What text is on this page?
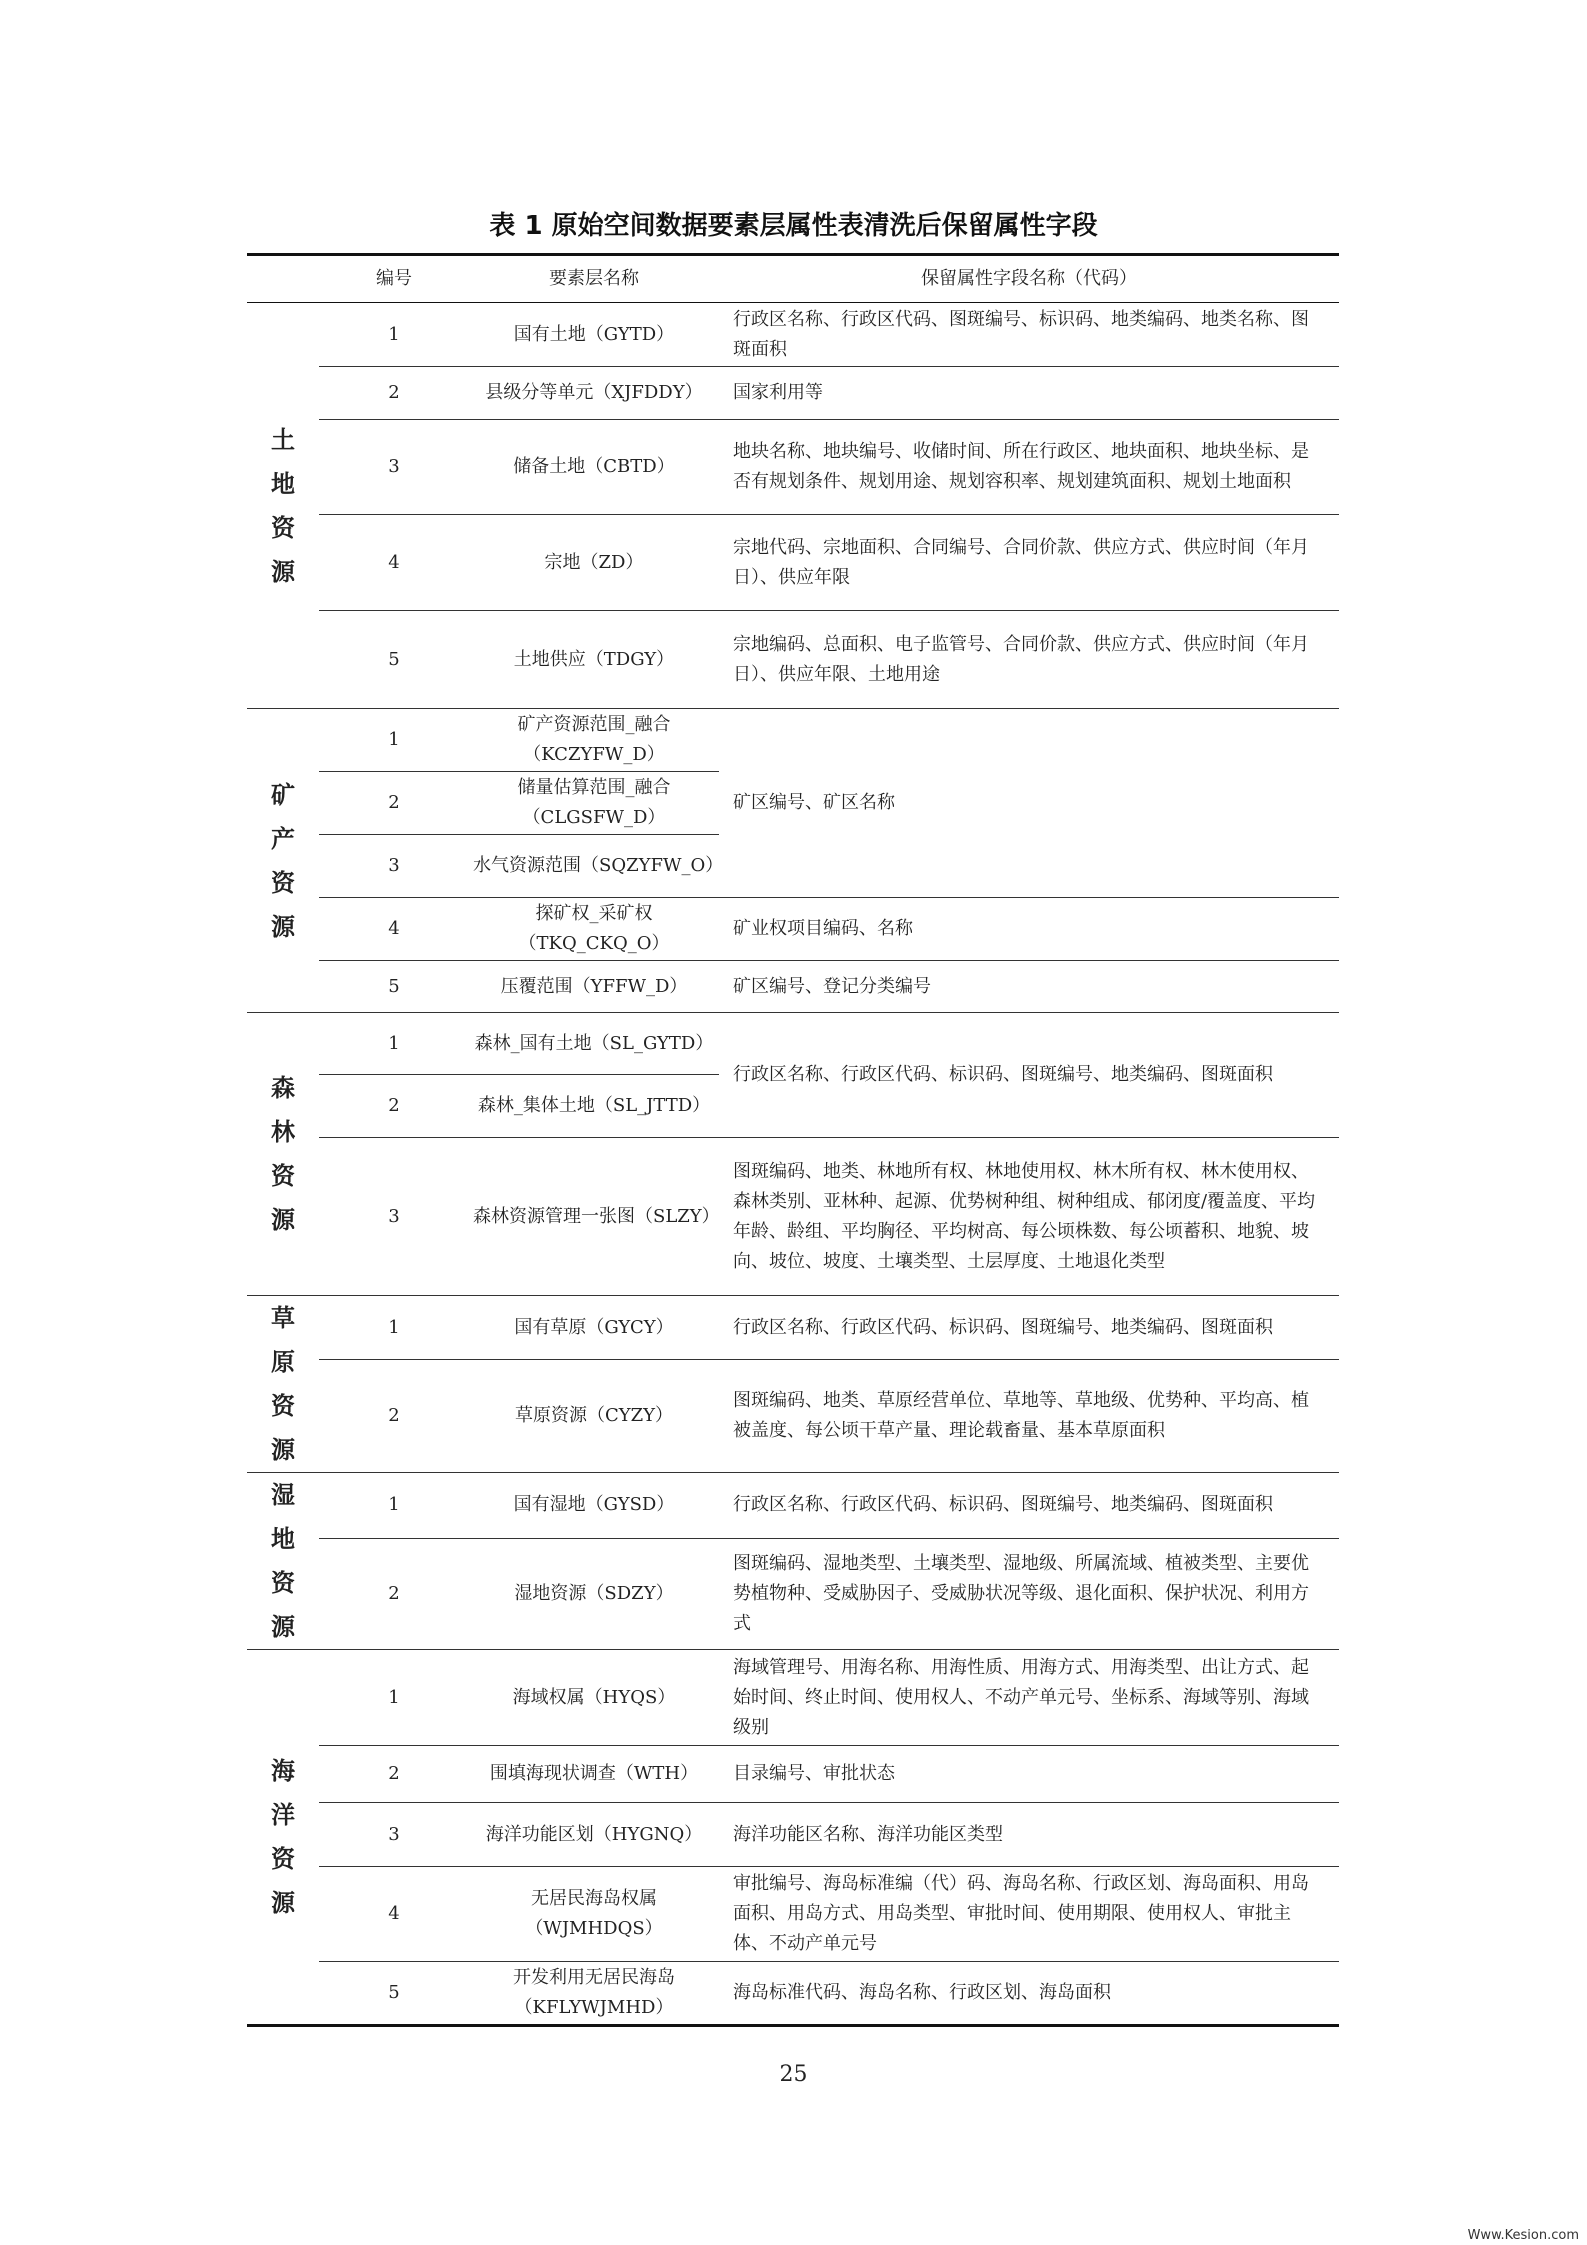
表 1 原始空间数据要素层属性表清洗后保留属性字段
	编号	要素层名称	保留属性字段名称（代码）
土地资源	1	国有土地（GYTD）	行政区名称、行政区代码、图斑编号、标识码、地类编码、地类名称、图斑面积
	2	县级分等单元（XJFDDY）	国家利用等
	3	储备土地（CBTD）	地块名称、地块编号、收储时间、所在行政区、地块面积、地块坐标、是否有规划条件、规划用途、规划容积率、规划建筑面积、规划土地面积
	4	宗地（ZD）	宗地代码、宗地面积、合同编号、合同价款、供应方式、供应时间（年月日）、供应年限
	5	土地供应（TDGY）	宗地编码、总面积、电子监管号、合同价款、供应方式、供应时间（年月日）、供应年限、土地用途
矿产资源	1	矿产资源范围_融合（KCZYFW_D）	矿区编号、矿区名称
	2	储量估算范围_融合（CLGSFW_D）	
	3	水气资源范围（SQZYFW_O）	
	4	探矿权_采矿权（TKQ_CKQ_O）	矿业权项目编码、名称
	5	压覆范围（YFFW_D）	矿区编号、登记分类编号
森林资源	1	森林_国有土地（SL_GYTD）	行政区名称、行政区代码、标识码、图斑编号、地类编码、图斑面积
	2	森林_集体土地（SL_JTTD）	
	3	森林资源管理一张图（SLZY）	图斑编码、地类、林地所有权、林地使用权、林木所有权、林木使用权、森林类别、亚林种、起源、优势树种组、树种组成、郁闭度/覆盖度、平均年龄、龄组、平均胸径、平均树高、每公顷株数、每公顷蓄积、地貌、坡向、坡位、坡度、土壤类型、土层厚度、土地退化类型
草原资源	1	国有草原（GYCY）	行政区名称、行政区代码、标识码、图斑编号、地类编码、图斑面积
	2	草原资源（CYZY）	图斑编码、地类、草原经营单位、草地等、草地级、优势种、平均高、植被盖度、每公顷干草产量、理论载畜量、基本草原面积
湿地资源	1	国有湿地（GYSD）	行政区名称、行政区代码、标识码、图斑编号、地类编码、图斑面积
	2	湿地资源（SDZY）	图斑编码、湿地类型、土壤类型、湿地级、所属流域、植被类型、主要优势植物种、受威胁因子、受威胁状况等级、退化面积、保护状况、利用方式
海洋资源	1	海域权属（HYQS）	海域管理号、用海名称、用海性质、用海方式、用海类型、出让方式、起始时间、终止时间、使用权人、不动产单元号、坐标系、海域等别、海域级别
	2	围填海现状调查（WTH）	目录编号、审批状态
	3	海洋功能区划（HYGNQ）	海洋功能区名称、海洋功能区类型
	4	无居民海岛权属（WJMHDQS）	审批编号、海岛标准编（代）码、海岛名称、行政区划、海岛面积、用岛面积、用岛方式、用岛类型、审批时间、使用期限、使用权人、审批主体、不动产单元号
	5	开发利用无居民海岛（KFLYWJMHD）	海岛标准代码、海岛名称、行政区划、海岛面积
25
Www.Kesion.com
